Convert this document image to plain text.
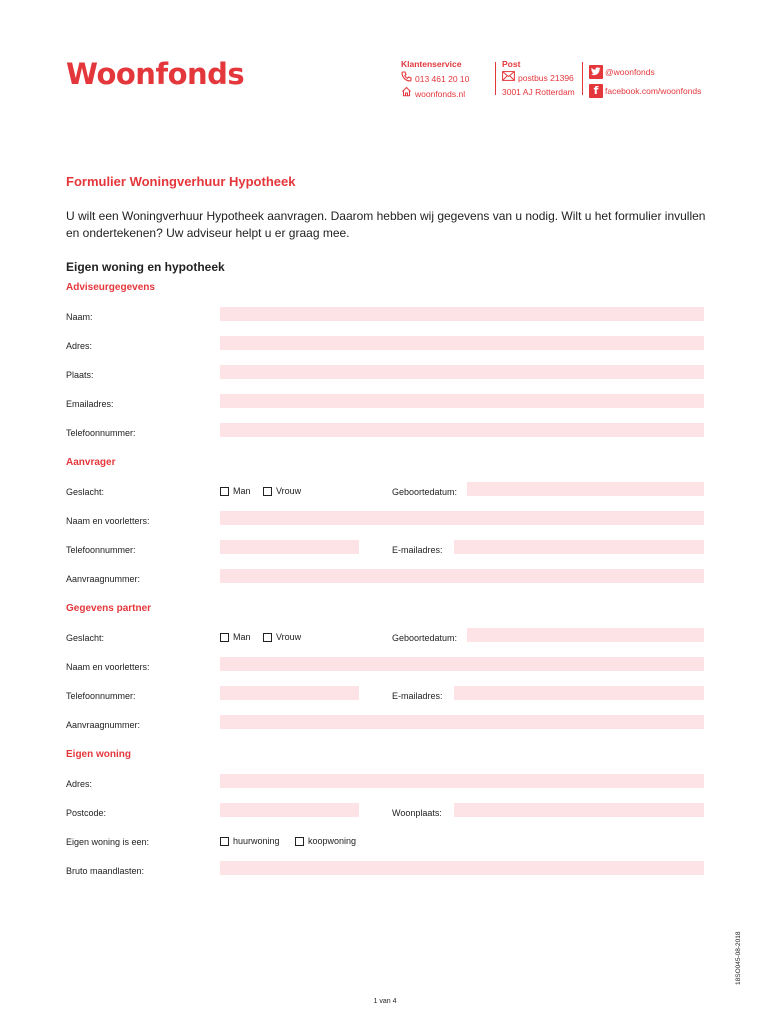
Woonfonds	Klantenservice
013 461 20 10
woonfonds.nl
Post
postbus 21396
3001 AJ Rotterdam
@woonfonds
f facebook.com/woonfonds
Formulier Woningverhuur Hypotheek
U wilt een Woningverhuur Hypotheek aanvragen. Daarom hebben wij gegevens van u nodig. Wilt u het formulier invullen en ondertekenen? Uw adviseur helpt u er graag mee.
Eigen woning en hypotheek
Adviseurgegevens
Naam:
Adres:
Plaats:
Emailadres:
Telefoonnummer:
Aanvrager
Geslacht:	Man	Vrouw	Geboortedatum:
Naam en voorletters:
Telefoonnummer:	E-mailadres:
Aanvraagnummer:
Gegevens partner
Geslacht:	Man	Vrouw	Geboortedatum:
Naam en voorletters:
Telefoonnummer:	E-mailadres:
Aanvraagnummer:
Eigen woning
Adres:
Postcode:	Woonplaats:
Eigen woning is een:	huurwoning	koopwoning
Bruto maandlasten:
18SO045-08-2018
1 van 4
